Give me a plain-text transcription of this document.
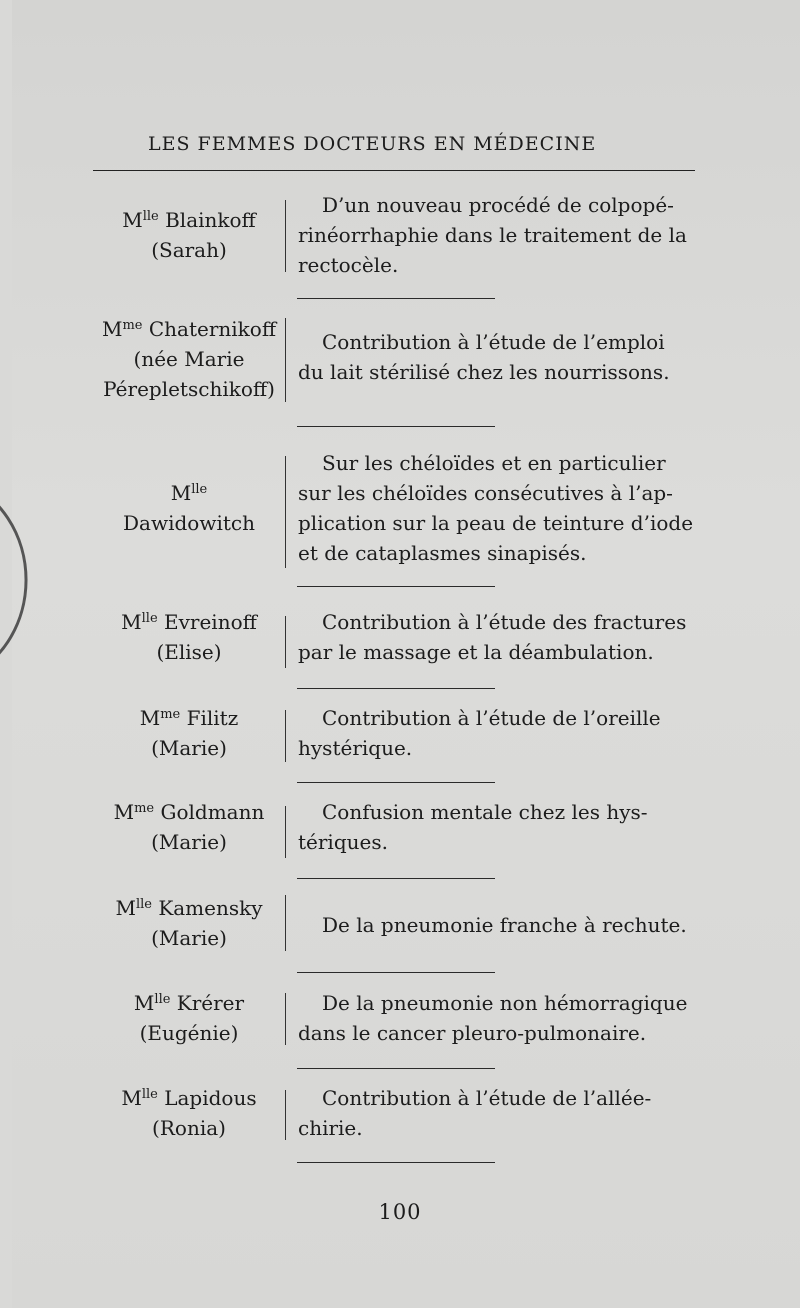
LES FEMMES DOCTEURS EN MÉDECINE
$M^{lle}$ Blainkoff
(Sarah)
D’un nouveau procédé de colpopé-
rinéorrhaphie dans le traitement de la
rectocèle.
$M^{me}$ Chaternikoff
(née Marie
Pérepletschikoff)
Contribution à l’étude de l’emploi
du lait stérilisé chez les nourrissons.
$M^{lle}$
Dawidowitch
Sur les chéloïdes et en particulier
sur les chéloïdes consécutives à l’ap-
plication sur la peau de teinture d’iode
et de cataplasmes sinapisés.
$M^{lle}$ Evreinoff
(Elise)
Contribution à l’étude des fractures
par le massage et la déambulation.
$M^{me}$ Filitz
(Marie)
Contribution à l’étude de l’oreille
hystérique.
$M^{me}$ Goldmann
(Marie)
Confusion mentale chez les hys-
tériques.
$M^{lle}$ Kamensky
(Marie)
De la pneumonie franche à rechute.
$M^{lle}$ Krérer
(Eugénie)
De la pneumonie non hémorragique
dans le cancer pleuro-pulmonaire.
$M^{lle}$ Lapidous
(Ronia)
Contribution à l’étude de l’allée-
chirie.
100
